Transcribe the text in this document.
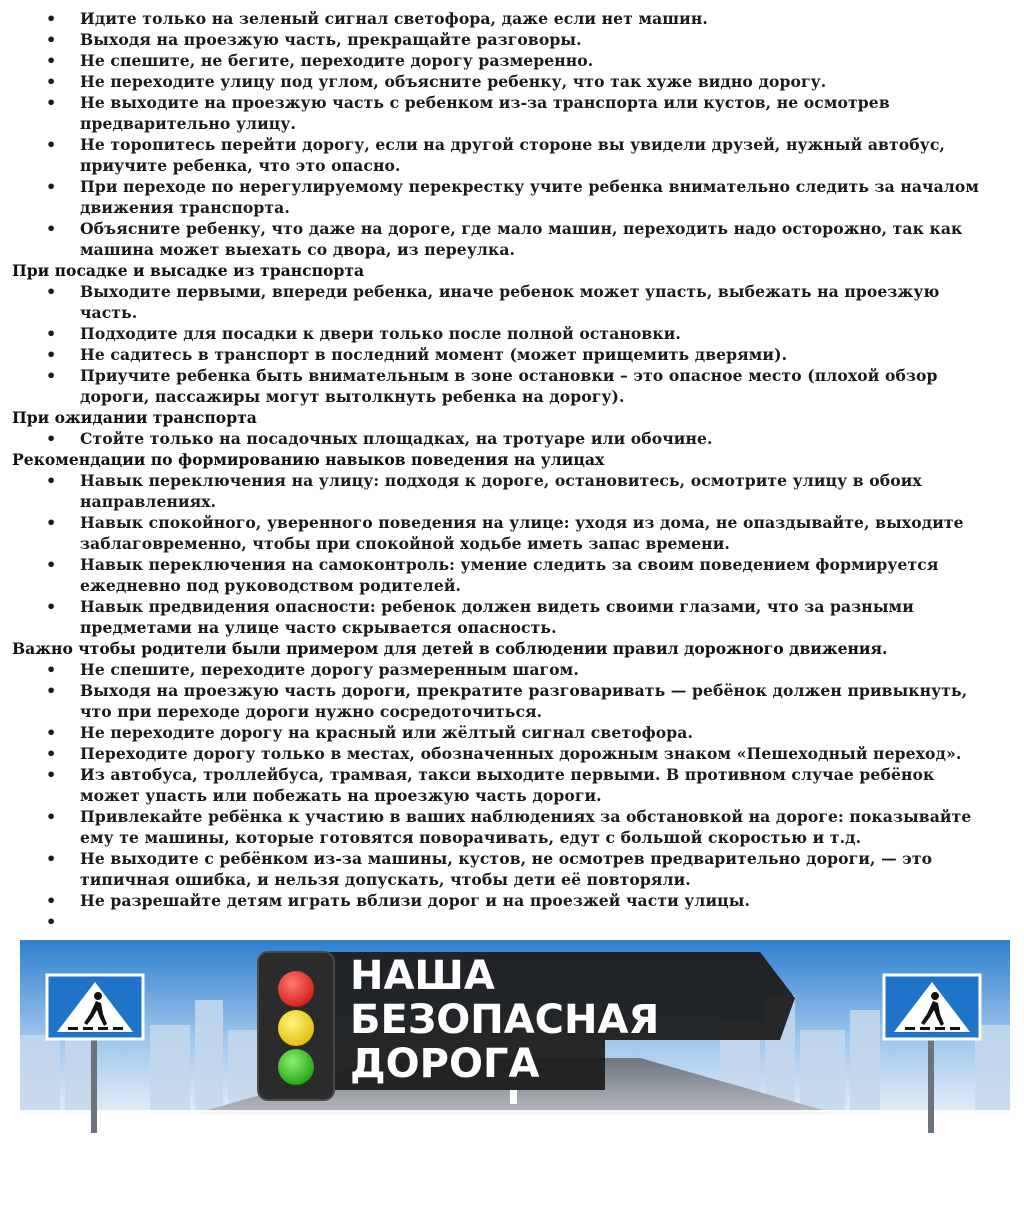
• Идите только на зеленый сигнал светофора, даже если нет машин.
• Выходя на проезжую часть, прекращайте разговоры.
• Не спешите, не бегите, переходите дорогу размеренно.
• Не переходите улицу под углом, объясните ребенку, что так хуже видно дорогу.
• Не выходите на проезжую часть с ребенком из-за транспорта или кустов, не осмотрев предварительно улицу.
• Не торопитесь перейти дорогу, если на другой стороне вы увидели друзей, нужный автобус, приучите ребенка, что это опасно.
• При переходе по нерегулируемому перекрестку учите ребенка внимательно следить за началом движения транспорта.
• Объясните ребенку, что даже на дороге, где мало машин, переходить надо осторожно, так как машина может выехать со двора, из переулка.
При посадке и высадке из транспорта
• Выходите первыми, впереди ребенка, иначе ребенок может упасть, выбежать на проезжую часть.
• Подходите для посадки к двери только после полной остановки.
• Не садитесь в транспорт в последний момент (может прищемить дверями).
• Приучите ребенка быть внимательным в зоне остановки – это опасное место (плохой обзор дороги, пассажиры могут вытолкнуть ребенка на дорогу).
При ожидании транспорта
• Стойте только на посадочных площадках, на тротуаре или обочине.
Рекомендации по формированию навыков поведения на улицах
• Навык переключения на улицу: подходя к дороге, остановитесь, осмотрите улицу в обоих направлениях.
• Навык спокойного, уверенного поведения на улице: уходя из дома, не опаздывайте, выходите заблаговременно, чтобы при спокойной ходьбе иметь запас времени.
• Навык переключения на самоконтроль: умение следить за своим поведением формируется ежедневно под руководством родителей.
• Навык предвидения опасности: ребенок должен видеть своими глазами, что за разными предметами на улице часто скрывается опасность.
Важно чтобы родители были примером для детей в соблюдении правил дорожного движения.
• Не спешите, переходите дорогу размеренным шагом.
• Выходя на проезжую часть дороги, прекратите разговаривать — ребёнок должен привыкнуть, что при переходе дороги нужно сосредоточиться.
• Не переходите дорогу на красный или жёлтый сигнал светофора.
• Переходите дорогу только в местах, обозначенных дорожным знаком «Пешеходный переход».
• Из автобуса, троллейбуса, трамвая, такси выходите первыми. В противном случае ребёнок может упасть или побежать на проезжую часть дороги.
• Привлекайте ребёнка к участию в ваших наблюдениях за обстановкой на дороге: показывайте ему те машины, которые готовятся поворачивать, едут с большой скоростью и т.д.
• Не выходите с ребёнком из-за машины, кустов, не осмотрев предварительно дороги, — это типичная ошибка, и нельзя допускать, чтобы дети её повторяли.
• Не разрешайте детям играть вблизи дорог и на проезжей части улицы.
•
НАША
БЕЗОПАСНАЯ
ДОРОГА
